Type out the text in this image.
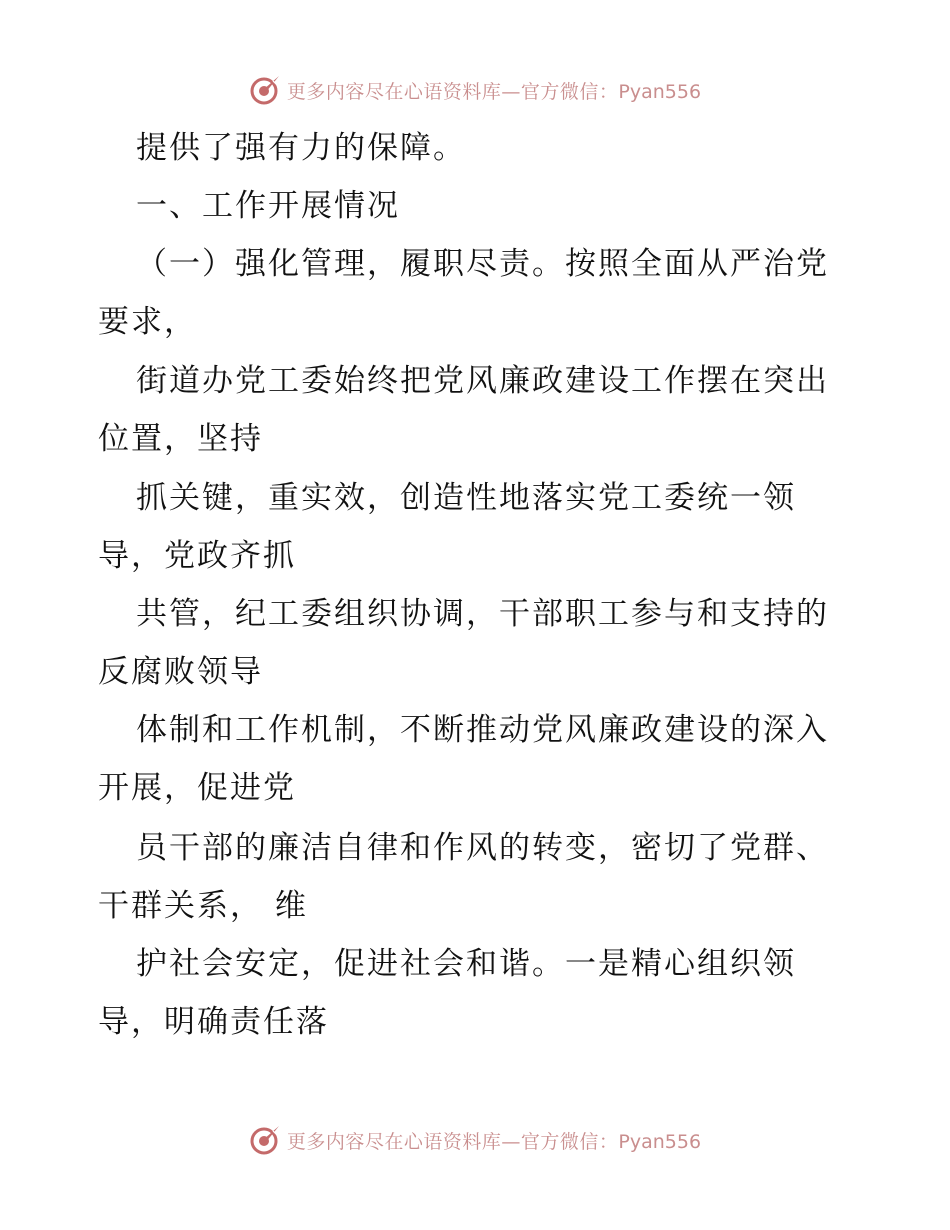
更多内容尽在心语资料库—官方微信：Pyan556
提供了强有力的保障。
一、工作开展情况
（一）强化管理，履职尽责。按照全面从严治党
要求，
街道办党工委始终把党风廉政建设工作摆在突出
位置，坚持
抓关键，重实效，创造性地落实党工委统一领
导，党政齐抓
共管，纪工委组织协调，干部职工参与和支持的
反腐败领导
体制和工作机制，不断推动党风廉政建设的深入
开展，促进党
员干部的廉洁自律和作风的转变，密切了党群、
干群关系， 维
护社会安定，促进社会和谐。一是精心组织领
导，明确责任落
更多内容尽在心语资料库—官方微信：Pyan556
